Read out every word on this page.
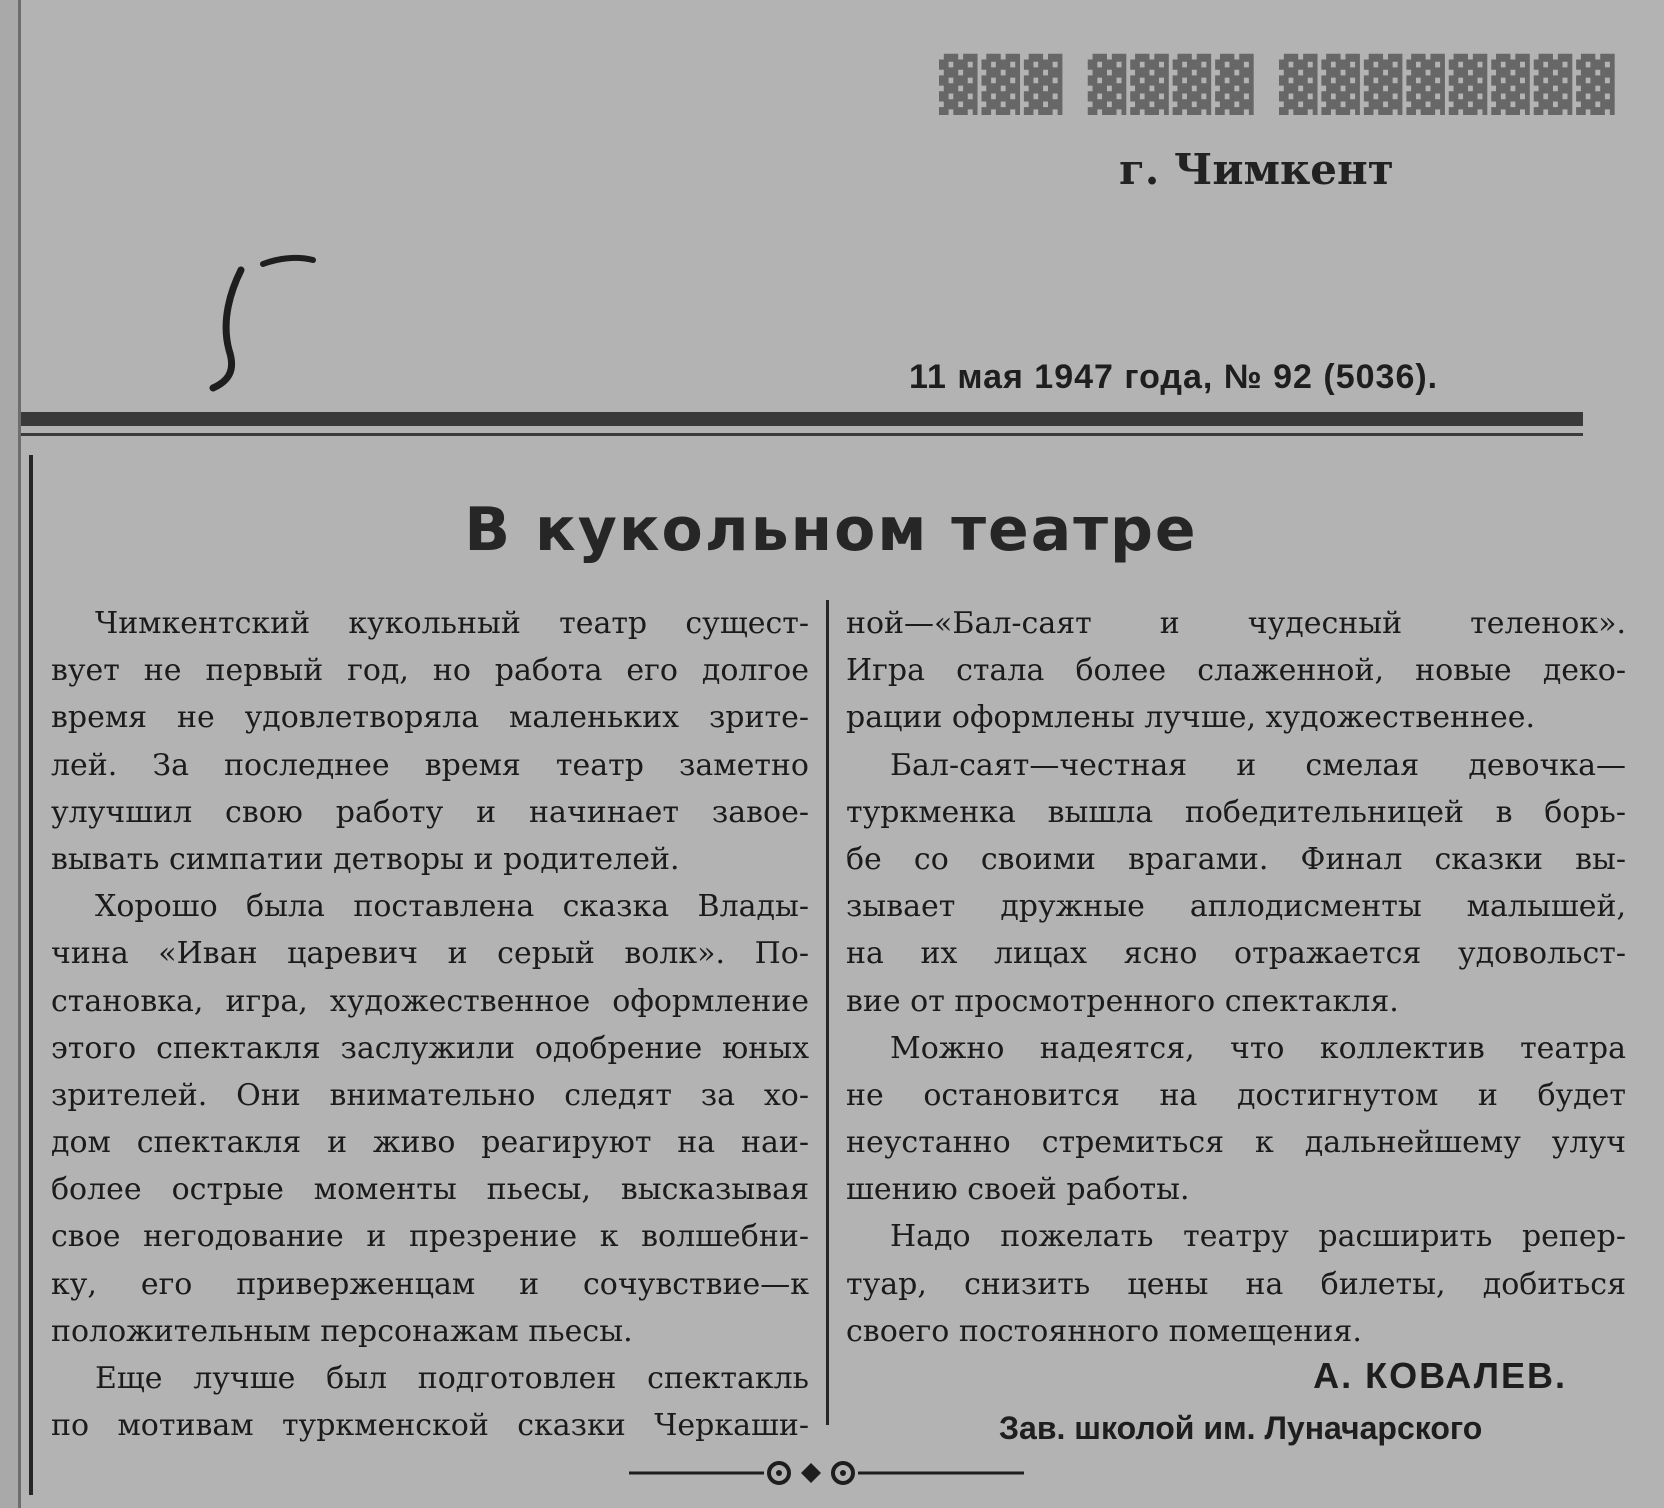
▓▓▓ ▓▓▓▓ ▓▓▓▓▓▓▓▓
г. Чимкент
11 мая 1947 года, № 92 (5036).
В кукольном театре
Чимкентский кукольный театр сущест-
вует не первый год, но работа его долгое
время не удовлетворяла маленьких зрите-
лей. За последнее время театр заметно
улучшил свою работу и начинает завое-
вывать симпатии детворы и родителей.
Хорошо была поставлена сказка Влады-
чина «Иван царевич и серый волк». По-
становка, игра, художественное оформление
этого спектакля заслужили одобрение юных
зрителей. Они внимательно следят за хо-
дом спектакля и живо реагируют на наи-
более острые моменты пьесы, высказывая
свое негодование и презрение к волшебни-
ку, его приверженцам и сочувствие—к
положительным персонажам пьесы.
Еще лучше был подготовлен спектакль
по мотивам туркменской сказки Черкаши-
ной—«Бал-саят и чудесный теленок».
Игра стала более слаженной, новые деко-
рации оформлены лучше, художественнее.
Бал-саят—честная и смелая девочка—
туркменка вышла победительницей в борь-
бе со своими врагами. Финал сказки вы-
зывает дружные аплодисменты малышей,
на их лицах ясно отражается удовольст-
вие от просмотренного спектакля.
Можно надеятся, что коллектив театра
не остановится на достигнутом и будет
неустанно стремиться к дальнейшему улуч
шению своей работы.
Надо пожелать театру расширить репер-
туар, снизить цены на билеты, добиться
своего постоянного помещения.
А. КОВАЛЕВ.
Зав. школой им. Луначарского
